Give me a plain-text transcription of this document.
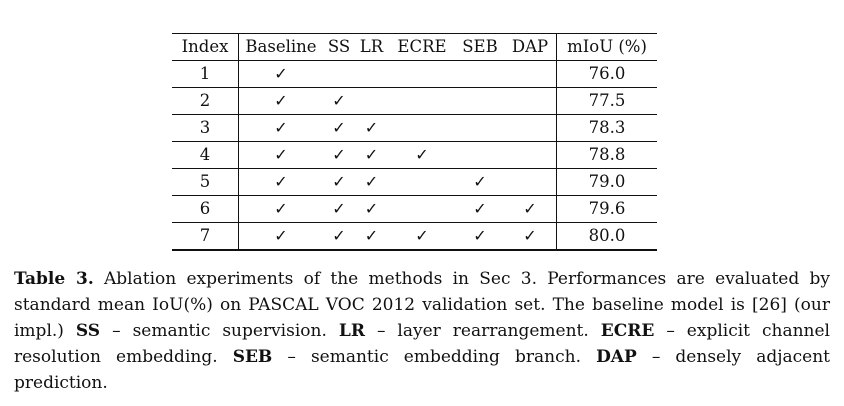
Index	Baseline	SS	LR	ECRE	SEB	DAP	mIoU (%)
1	✓						76.0
2	✓	✓					77.5
3	✓	✓	✓				78.3
4	✓	✓	✓	✓			78.8
5	✓	✓	✓		✓		79.0
6	✓	✓	✓		✓	✓	79.6
7	✓	✓	✓	✓	✓	✓	80.0

Table 3. Ablation experiments of the methods in Sec 3. Performances are evaluated by standard mean IoU(%) on PASCAL VOC 2012 validation set. The baseline model is [26] (our impl.) SS – semantic supervision. LR – layer rearrangement. ECRE – explicit channel resolution embedding. SEB – semantic embedding branch. DAP – densely adjacent prediction.
